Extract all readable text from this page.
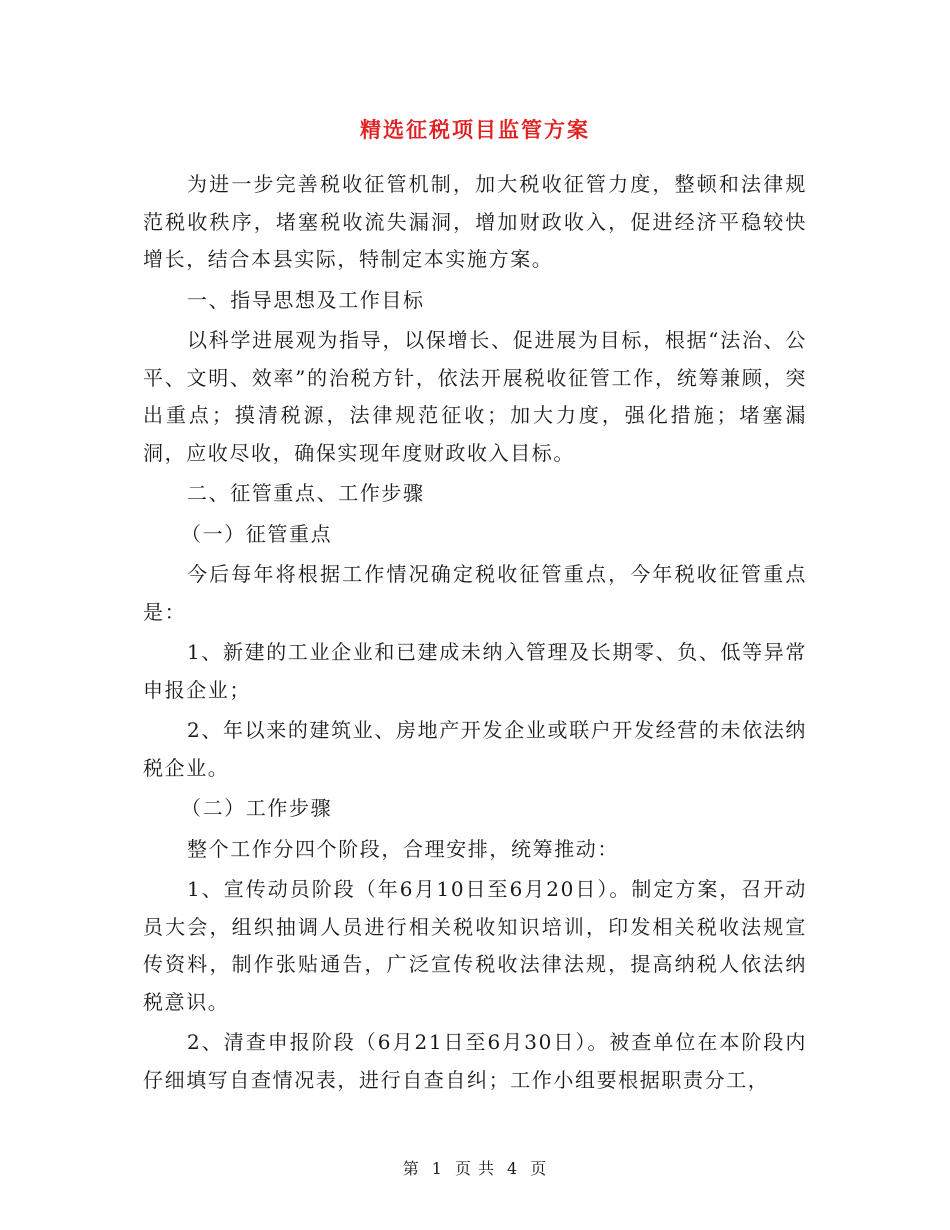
精选征税项目监管方案

为进一步完善税收征管机制，加大税收征管力度，整顿和法律规范税收秩序，堵塞税收流失漏洞，增加财政收入，促进经济平稳较快增长，结合本县实际，特制定本实施方案。

一、指导思想及工作目标

以科学进展观为指导，以保增长、促进展为目标，根据“法治、公平、文明、效率”的治税方针，依法开展税收征管工作，统筹兼顾，突出重点；摸清税源，法律规范征收；加大力度，强化措施；堵塞漏洞，应收尽收，确保实现年度财政收入目标。

二、征管重点、工作步骤

（一）征管重点

今后每年将根据工作情况确定税收征管重点，今年税收征管重点是：

1、新建的工业企业和已建成未纳入管理及长期零、负、低等异常申报企业；

2、年以来的建筑业、房地产开发企业或联户开发经营的未依法纳税企业。

（二）工作步骤

整个工作分四个阶段，合理安排，统筹推动：

1、宣传动员阶段（年6月10日至6月20日）。制定方案，召开动员大会，组织抽调人员进行相关税收知识培训，印发相关税收法规宣传资料，制作张贴通告，广泛宣传税收法律法规，提高纳税人依法纳税意识。

2、清查申报阶段（6月21日至6月30日）。被查单位在本阶段内仔细填写自查情况表，进行自查自纠；工作小组要根据职责分工，

第 1 页 共 4 页
